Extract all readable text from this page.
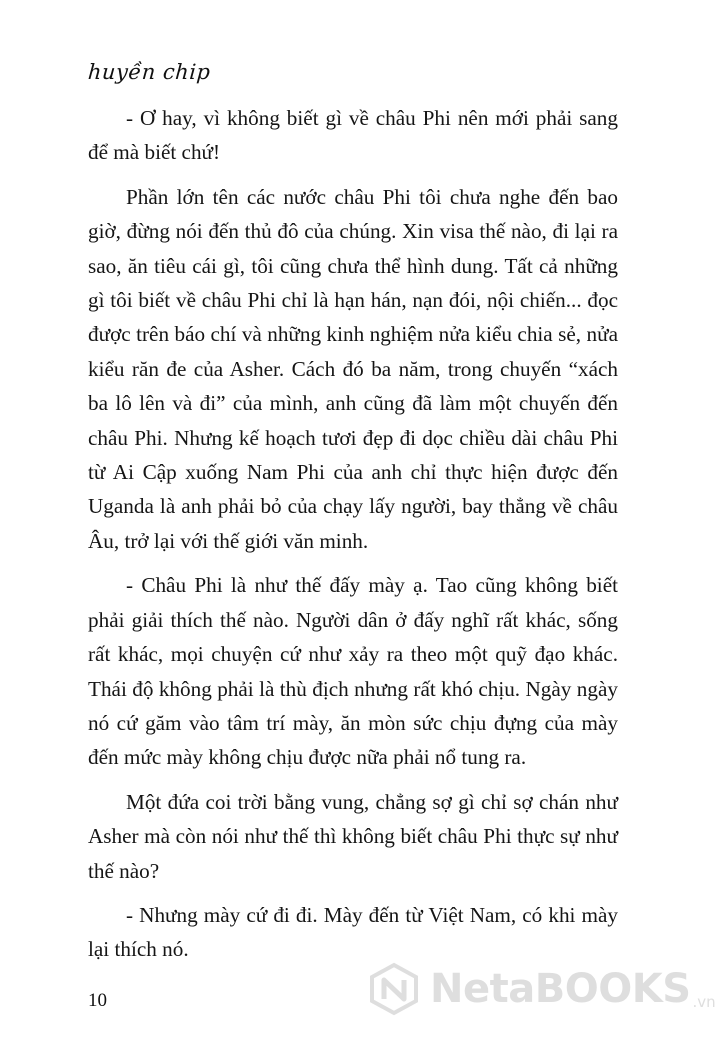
huyền chip

- Ơ hay, vì không biết gì về châu Phi nên mới phải sang để mà biết chứ!

Phần lớn tên các nước châu Phi tôi chưa nghe đến bao giờ, đừng nói đến thủ đô của chúng. Xin visa thế nào, đi lại ra sao, ăn tiêu cái gì, tôi cũng chưa thể hình dung. Tất cả những gì tôi biết về châu Phi chỉ là hạn hán, nạn đói, nội chiến... đọc được trên báo chí và những kinh nghiệm nửa kiểu chia sẻ, nửa kiểu răn đe của Asher. Cách đó ba năm, trong chuyến “xách ba lô lên và đi” của mình, anh cũng đã làm một chuyến đến châu Phi. Nhưng kế hoạch tươi đẹp đi dọc chiều dài châu Phi từ Ai Cập xuống Nam Phi của anh chỉ thực hiện được đến Uganda là anh phải bỏ của chạy lấy người, bay thẳng về châu Âu, trở lại với thế giới văn minh.

- Châu Phi là như thế đấy mày ạ. Tao cũng không biết phải giải thích thế nào. Người dân ở đấy nghĩ rất khác, sống rất khác, mọi chuyện cứ như xảy ra theo một quỹ đạo khác. Thái độ không phải là thù địch nhưng rất khó chịu. Ngày ngày nó cứ găm vào tâm trí mày, ăn mòn sức chịu đựng của mày đến mức mày không chịu được nữa phải nổ tung ra.

Một đứa coi trời bằng vung, chẳng sợ gì chỉ sợ chán như Asher mà còn nói như thế thì không biết châu Phi thực sự như thế nào?

- Nhưng mày cứ đi đi. Mày đến từ Việt Nam, có khi mày lại thích nó.

10	NetaBOOKS .vn
